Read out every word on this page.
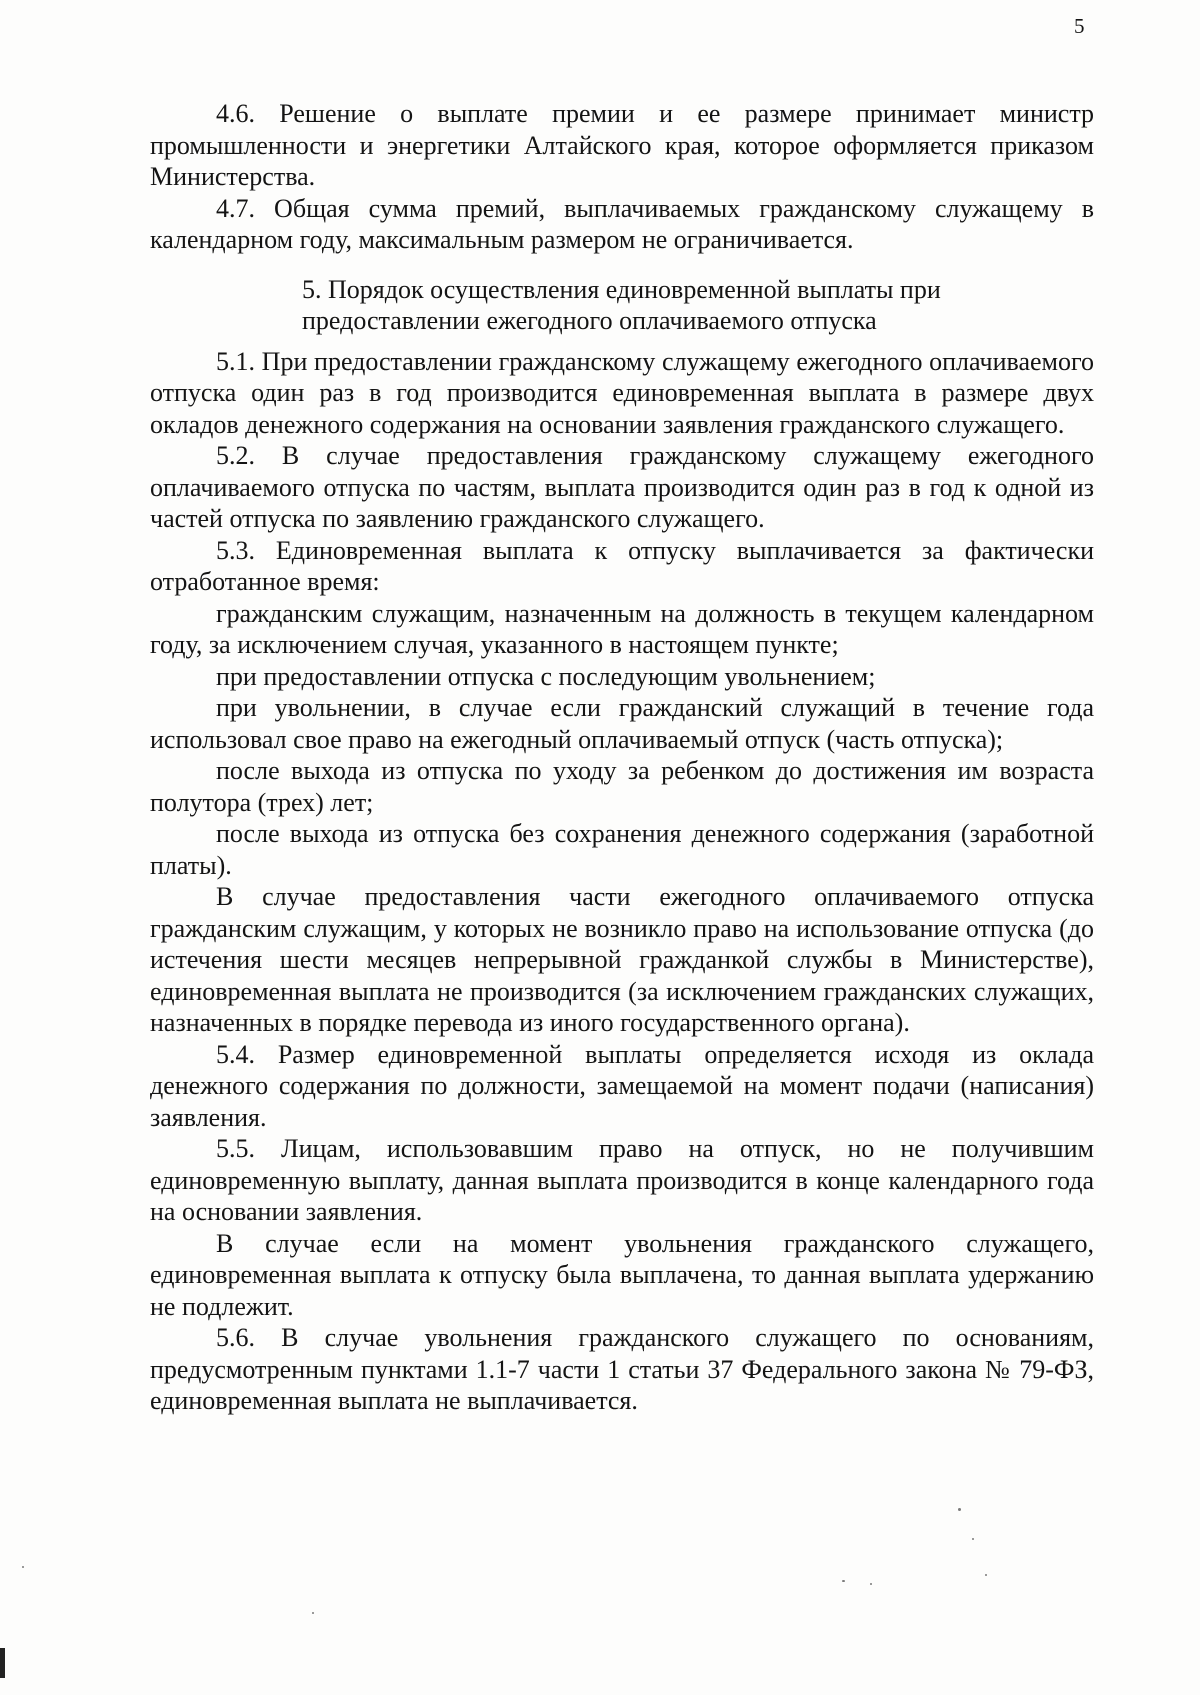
5

4.6. Решение о выплате премии и ее размере принимает министр промышленности и энергетики Алтайского края, которое оформляется приказом Министерства.

4.7. Общая сумма премий, выплачиваемых гражданскому служащему в календарном году, максимальным размером не ограничивается.

5. Порядок осуществления единовременной выплаты при
предоставлении ежегодного оплачиваемого отпуска

5.1. При предоставлении гражданскому служащему ежегодного оплачиваемого отпуска один раз в год производится единовременная выплата в размере двух окладов денежного содержания на основании заявления гражданского служащего.

5.2. В случае предоставления гражданскому служащему ежегодного оплачиваемого отпуска по частям, выплата производится один раз в год к одной из частей отпуска по заявлению гражданского служащего.

5.3. Единовременная выплата к отпуску выплачивается за фактически отработанное время:

гражданским служащим, назначенным на должность в текущем календарном году, за исключением случая, указанного в настоящем пункте;

при предоставлении отпуска с последующим увольнением;

при увольнении, в случае если гражданский служащий в течение года использовал свое право на ежегодный оплачиваемый отпуск (часть отпуска);

после выхода из отпуска по уходу за ребенком до достижения им возраста полутора (трех) лет;

после выхода из отпуска без сохранения денежного содержания (заработной платы).

В случае предоставления части ежегодного оплачиваемого отпуска гражданским служащим, у которых не возникло право на использование отпуска (до истечения шести месяцев непрерывной гражданкой службы в Министерстве), единовременная выплата не производится (за исключением гражданских служащих, назначенных в порядке перевода из иного государственного органа).

5.4. Размер единовременной выплаты определяется исходя из оклада денежного содержания по должности, замещаемой на момент подачи (написания) заявления.

5.5. Лицам, использовавшим право на отпуск, но не получившим единовременную выплату, данная выплата производится в конце календарного года на основании заявления.

В случае если на момент увольнения гражданского служащего, единовременная выплата к отпуску была выплачена, то данная выплата удержанию не подлежит.

5.6. В случае увольнения гражданского служащего по основаниям, предусмотренным пунктами 1.1-7 части 1 статьи 37 Федерального закона № 79-ФЗ, единовременная выплата не выплачивается.
